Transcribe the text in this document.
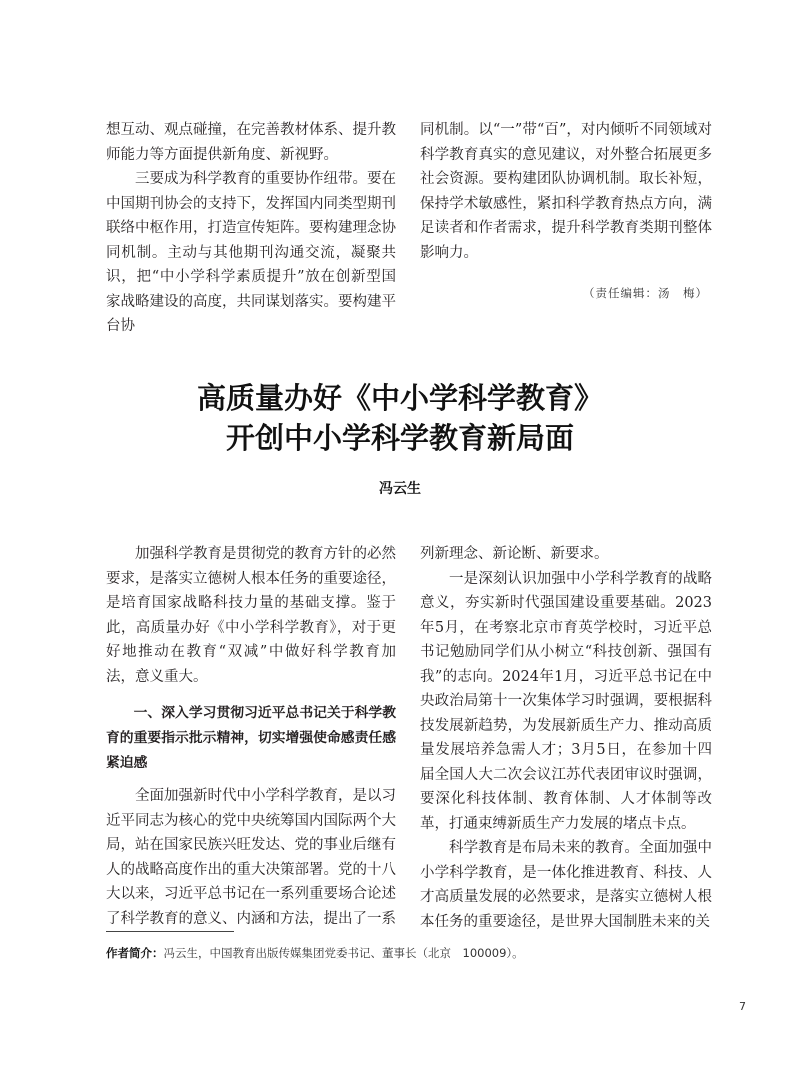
想互动、观点碰撞，在完善教材体系、提升教师能力等方面提供新角度、新视野。

三要成为科学教育的重要协作纽带。要在中国期刊协会的支持下，发挥国内同类型期刊联络中枢作用，打造宣传矩阵。要构建理念协同机制。主动与其他期刊沟通交流，凝聚共识，把“中小学科学素质提升”放在创新型国家战略建设的高度，共同谋划落实。要构建平台协

同机制。以“一”带“百”，对内倾听不同领域对科学教育真实的意见建议，对外整合拓展更多社会资源。要构建团队协调机制。取长补短，保持学术敏感性，紧扣科学教育热点方向，满足读者和作者需求，提升科学教育类期刊整体影响力。

（责任编辑：汤　梅）
高质量办好《中小学科学教育》
开创中小学科学教育新局面
冯云生

加强科学教育是贯彻党的教育方针的必然要求，是落实立德树人根本任务的重要途径，是培育国家战略科技力量的基础支撑。鉴于此，高质量办好《中小学科学教育》，对于更好地推动在教育“双减”中做好科学教育加法，意义重大。

一、深入学习贯彻习近平总书记关于科学教育的重要指示批示精神，切实增强使命感责任感紧迫感

全面加强新时代中小学科学教育，是以习近平同志为核心的党中央统筹国内国际两个大局，站在国家民族兴旺发达、党的事业后继有人的战略高度作出的重大决策部署。党的十八大以来，习近平总书记在一系列重要场合论述了科学教育的意义、内涵和方法，提出了一系

列新理念、新论断、新要求。

一是深刻认识加强中小学科学教育的战略意义，夯实新时代强国建设重要基础。2023年5月，在考察北京市育英学校时，习近平总书记勉励同学们从小树立“科技创新、强国有我”的志向。2024年1月，习近平总书记在中央政治局第十一次集体学习时强调，要根据科技发展新趋势，为发展新质生产力、推动高质量发展培养急需人才；3月5日，在参加十四届全国人大二次会议江苏代表团审议时强调，要深化科技体制、教育体制、人才体制等改革，打通束缚新质生产力发展的堵点卡点。

科学教育是布局未来的教育。全面加强中小学科学教育，是一体化推进教育、科技、人才高质量发展的必然要求，是落实立德树人根本任务的重要途径，是世界大国制胜未来的关

作者简介：冯云生，中国教育出版传媒集团党委书记、董事长（北京　100009）。
7
